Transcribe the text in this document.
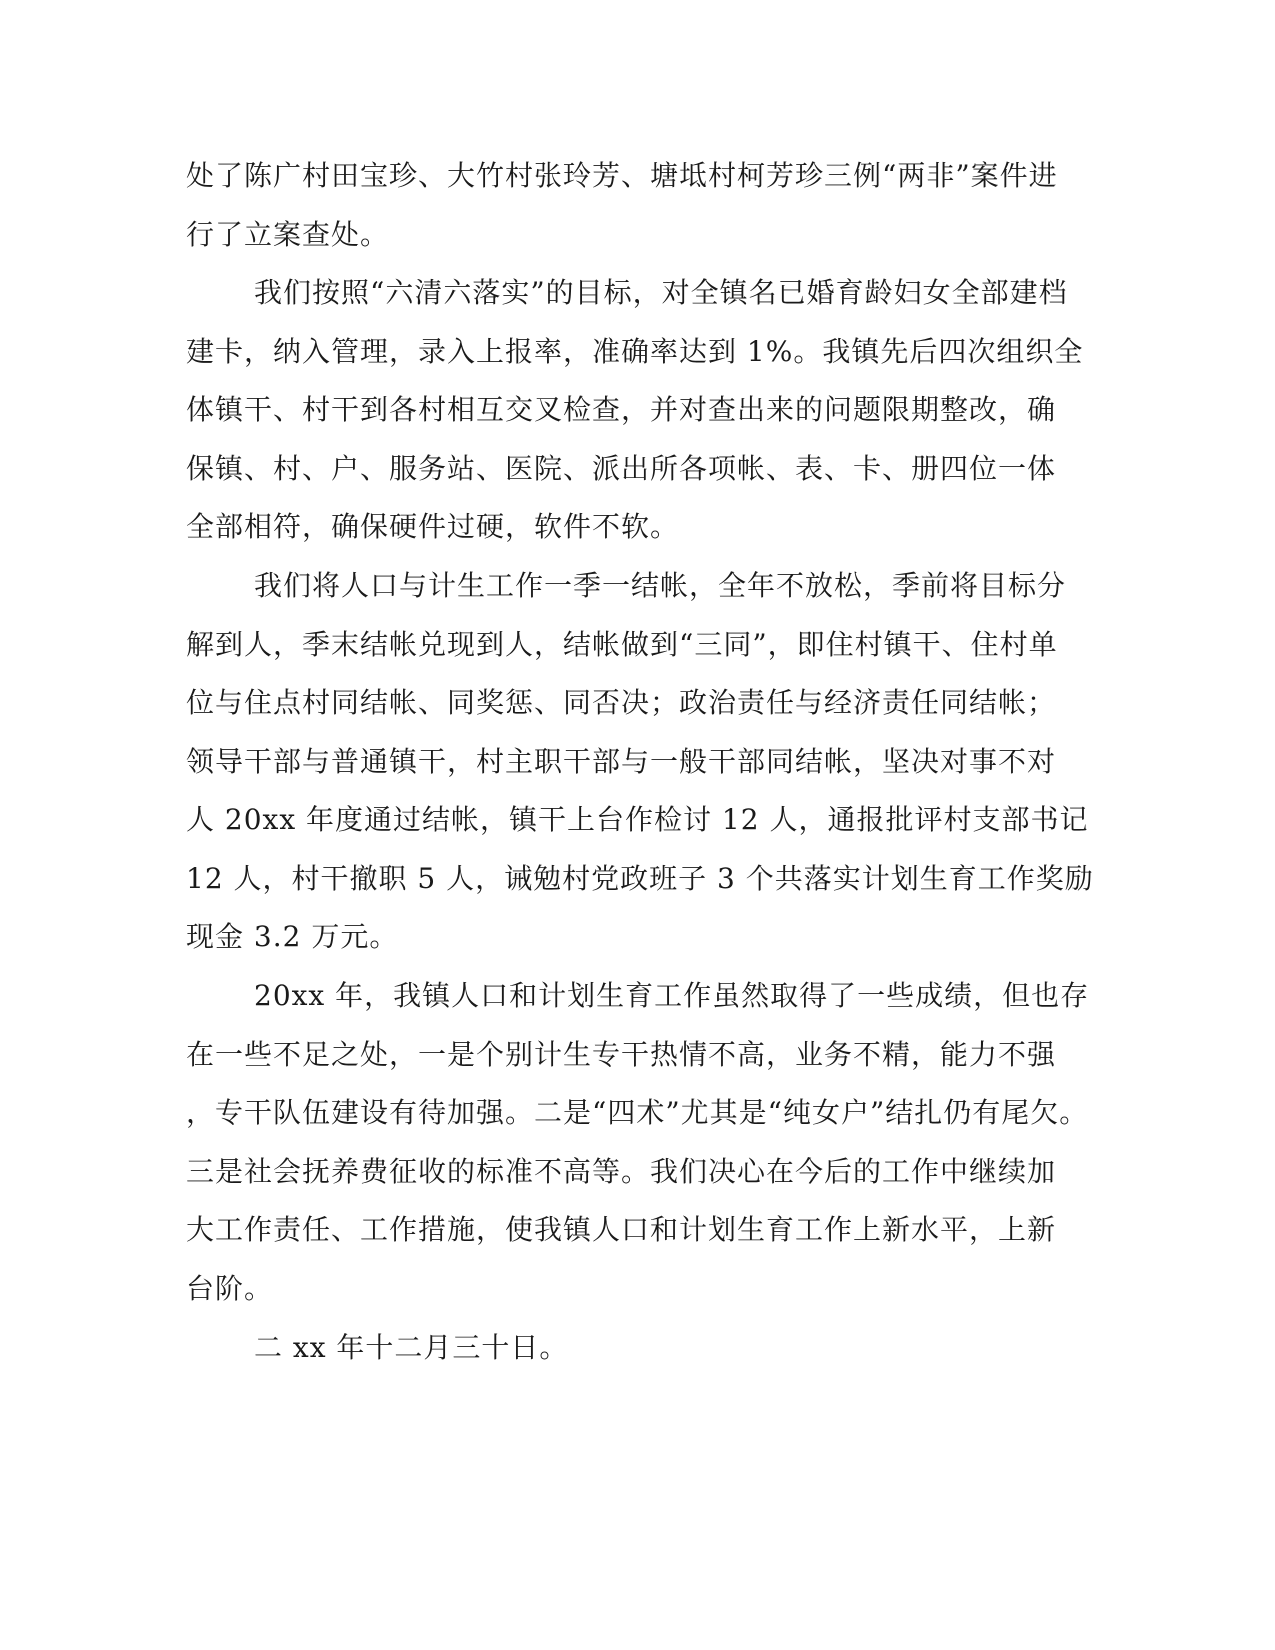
处了陈广村田宝珍、大竹村张玲芳、塘坻村柯芳珍三例“两非”案件进
行了立案查处。
我们按照“六清六落实”的目标，对全镇名已婚育龄妇女全部建档
建卡，纳入管理，录入上报率，准确率达到 1%。我镇先后四次组织全
体镇干、村干到各村相互交叉检查，并对查出来的问题限期整改，确
保镇、村、户、服务站、医院、派出所各项帐、表、卡、册四位一体
全部相符，确保硬件过硬，软件不软。
我们将人口与计生工作一季一结帐，全年不放松，季前将目标分
解到人，季末结帐兑现到人，结帐做到“三同”，即住村镇干、住村单
位与住点村同结帐、同奖惩、同否决；政治责任与经济责任同结帐；
领导干部与普通镇干，村主职干部与一般干部同结帐，坚决对事不对
人 20xx 年度通过结帐，镇干上台作检讨 12 人，通报批评村支部书记
12 人，村干撤职 5 人，诫勉村党政班子 3 个共落实计划生育工作奖励
现金 3.2 万元。
20xx 年，我镇人口和计划生育工作虽然取得了一些成绩，但也存
在一些不足之处，一是个别计生专干热情不高，业务不精，能力不强
，专干队伍建设有待加强。二是“四术”尤其是“纯女户”结扎仍有尾欠。
三是社会抚养费征收的标准不高等。我们决心在今后的工作中继续加
大工作责任、工作措施，使我镇人口和计划生育工作上新水平，上新
台阶。
二 xx 年十二月三十日。
